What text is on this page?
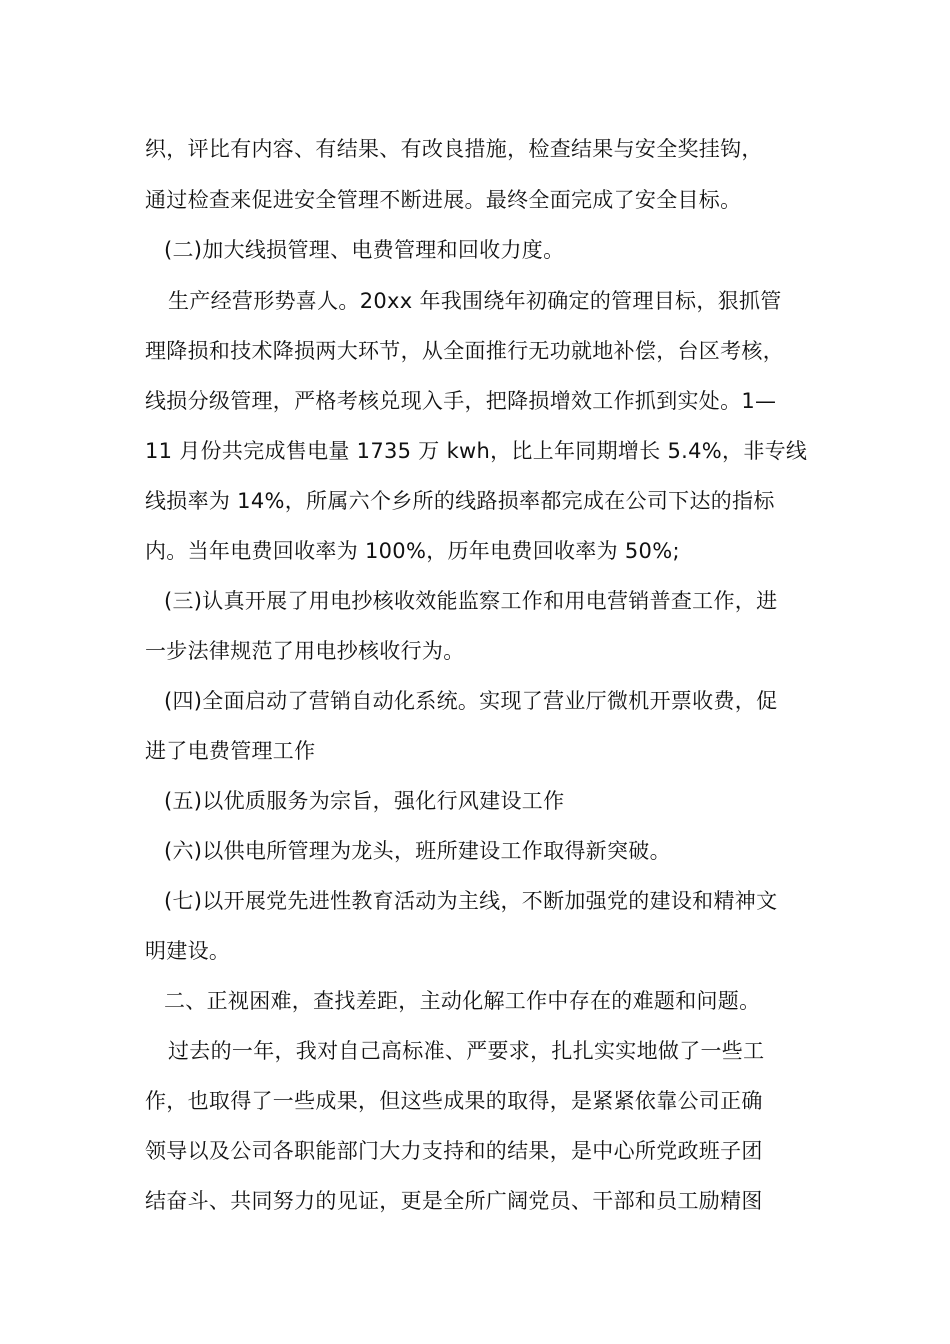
织，评比有内容、有结果、有改良措施，检查结果与安全奖挂钩，
通过检查来促进安全管理不断进展。最终全面完成了安全目标。
(二)加大线损管理、电费管理和回收力度。
生产经营形势喜人。20xx 年我围绕年初确定的管理目标，狠抓管
理降损和技术降损两大环节，从全面推行无功就地补偿，台区考核，
线损分级管理，严格考核兑现入手，把降损增效工作抓到实处。1—
11 月份共完成售电量 1735 万 kwh，比上年同期增长 5.4%，非专线
线损率为 14%，所属六个乡所的线路损率都完成在公司下达的指标
内。当年电费回收率为 100%，历年电费回收率为 50%;
(三)认真开展了用电抄核收效能监察工作和用电营销普查工作，进
一步法律规范了用电抄核收行为。
(四)全面启动了营销自动化系统。实现了营业厅微机开票收费，促
进了电费管理工作
(五)以优质服务为宗旨，强化行风建设工作
(六)以供电所管理为龙头，班所建设工作取得新突破。
(七)以开展党先进性教育活动为主线，不断加强党的建设和精神文
明建设。
二、正视困难，查找差距，主动化解工作中存在的难题和问题。
过去的一年，我对自己高标准、严要求，扎扎实实地做了一些工
作，也取得了一些成果，但这些成果的取得，是紧紧依靠公司正确
领导以及公司各职能部门大力支持和的结果，是中心所党政班子团
结奋斗、共同努力的见证，更是全所广阔党员、干部和员工励精图
